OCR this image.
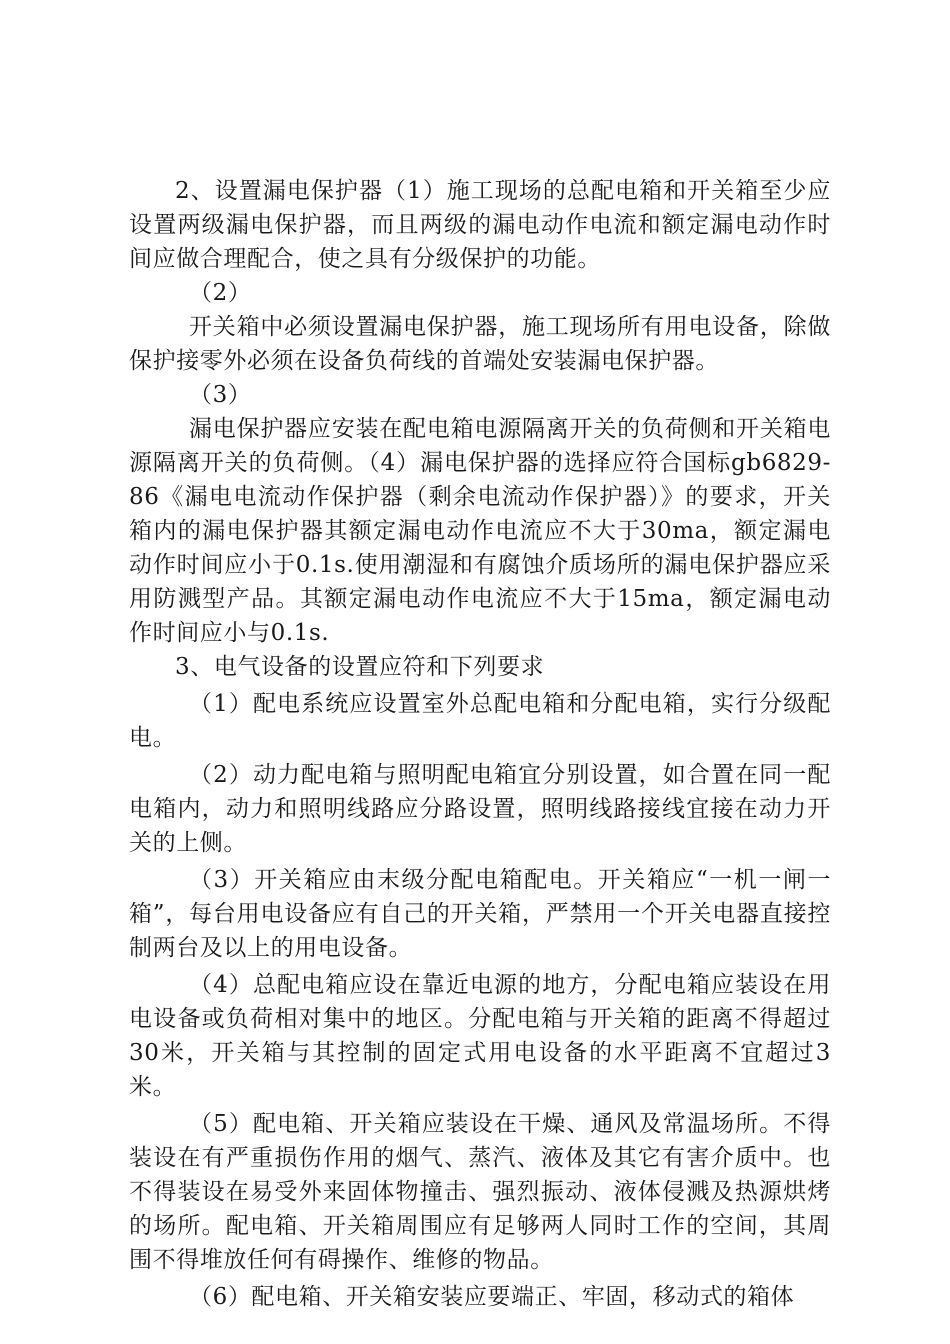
2、设置漏电保护器（1）施工现场的总配电箱和开关箱至少应设置两级漏电保护器，而且两级的漏电动作电流和额定漏电动作时间应做合理配合，使之具有分级保护的功能。

（2）

开关箱中必须设置漏电保护器，施工现场所有用电设备，除做保护接零外必须在设备负荷线的首端处安装漏电保护器。

（3）

漏电保护器应安装在配电箱电源隔离开关的负荷侧和开关箱电源隔离开关的负荷侧。（4）漏电保护器的选择应符合国标gb6829-86《漏电电流动作保护器（剩余电流动作保护器）》的要求，开关箱内的漏电保护器其额定漏电动作电流应不大于30ma，额定漏电动作时间应小于0.1s.使用潮湿和有腐蚀介质场所的漏电保护器应采用防溅型产品。其额定漏电动作电流应不大于15ma，额定漏电动作时间应小与0.1s.

3、电气设备的设置应符和下列要求

（1）配电系统应设置室外总配电箱和分配电箱，实行分级配电。

（2）动力配电箱与照明配电箱宜分别设置，如合置在同一配电箱内，动力和照明线路应分路设置，照明线路接线宜接在动力开关的上侧。

（3）开关箱应由末级分配电箱配电。开关箱应“一机一闸一箱”，每台用电设备应有自己的开关箱，严禁用一个开关电器直接控制两台及以上的用电设备。

（4）总配电箱应设在靠近电源的地方，分配电箱应装设在用电设备或负荷相对集中的地区。分配电箱与开关箱的距离不得超过30米，开关箱与其控制的固定式用电设备的水平距离不宜超过3米。

（5）配电箱、开关箱应装设在干燥、通风及常温场所。不得装设在有严重损伤作用的烟气、蒸汽、液体及其它有害介质中。也不得装设在易受外来固体物撞击、强烈振动、液体侵溅及热源烘烤的场所。配电箱、开关箱周围应有足够两人同时工作的空间，其周围不得堆放任何有碍操作、维修的物品。

（6）配电箱、开关箱安装应要端正、牢固，移动式的箱体
